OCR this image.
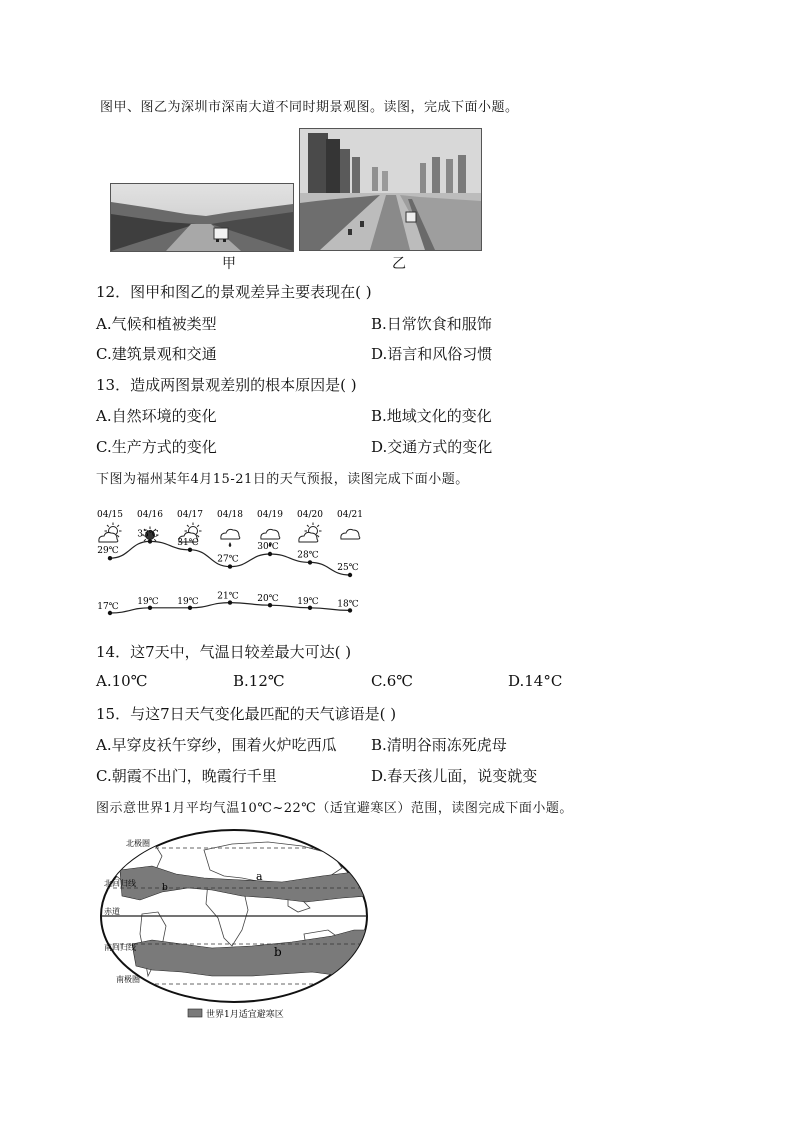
图甲、图乙为深圳市深南大道不同时期景观图。读图，完成下面小题。
甲	乙
12．图甲和图乙的景观差异主要表现在( )
A.气候和植被类型	B.日常饮食和服饰
C.建筑景观和交通	D.语言和风俗习惯
13．造成两图景观差别的根本原因是( )
A.自然环境的变化	B.地域文化的变化
C.生产方式的变化	D.交通方式的变化
下图为福州某年4月15-21日的天气预报，读图完成下面小题。
04/15 04/16 04/17 04/18 04/19 04/20 04/21
29℃
33℃
31℃
27℃
30℃
28℃
25℃
17℃
19℃ 19℃
21℃ 20℃ 19℃ 18℃
14．这7天中，气温日较差最大可达( )
A.10℃	B.12℃	C.6℃	D.14°C
15．与这7日天气变化最匹配的天气谚语是( )
A.早穿皮袄午穿纱，围着火炉吃西瓜 B.清明谷雨冻死虎母
C.朝霞不出门，晚霞行千里	D.春天孩儿面，说变就变
图示意世界1月平均气温10℃~22℃（适宜避寒区）范围，读图完成下面小题。
北极圈
北回归线
赤道
南回归线
南极圈
a
b
b
世界1月适宜避寒区
